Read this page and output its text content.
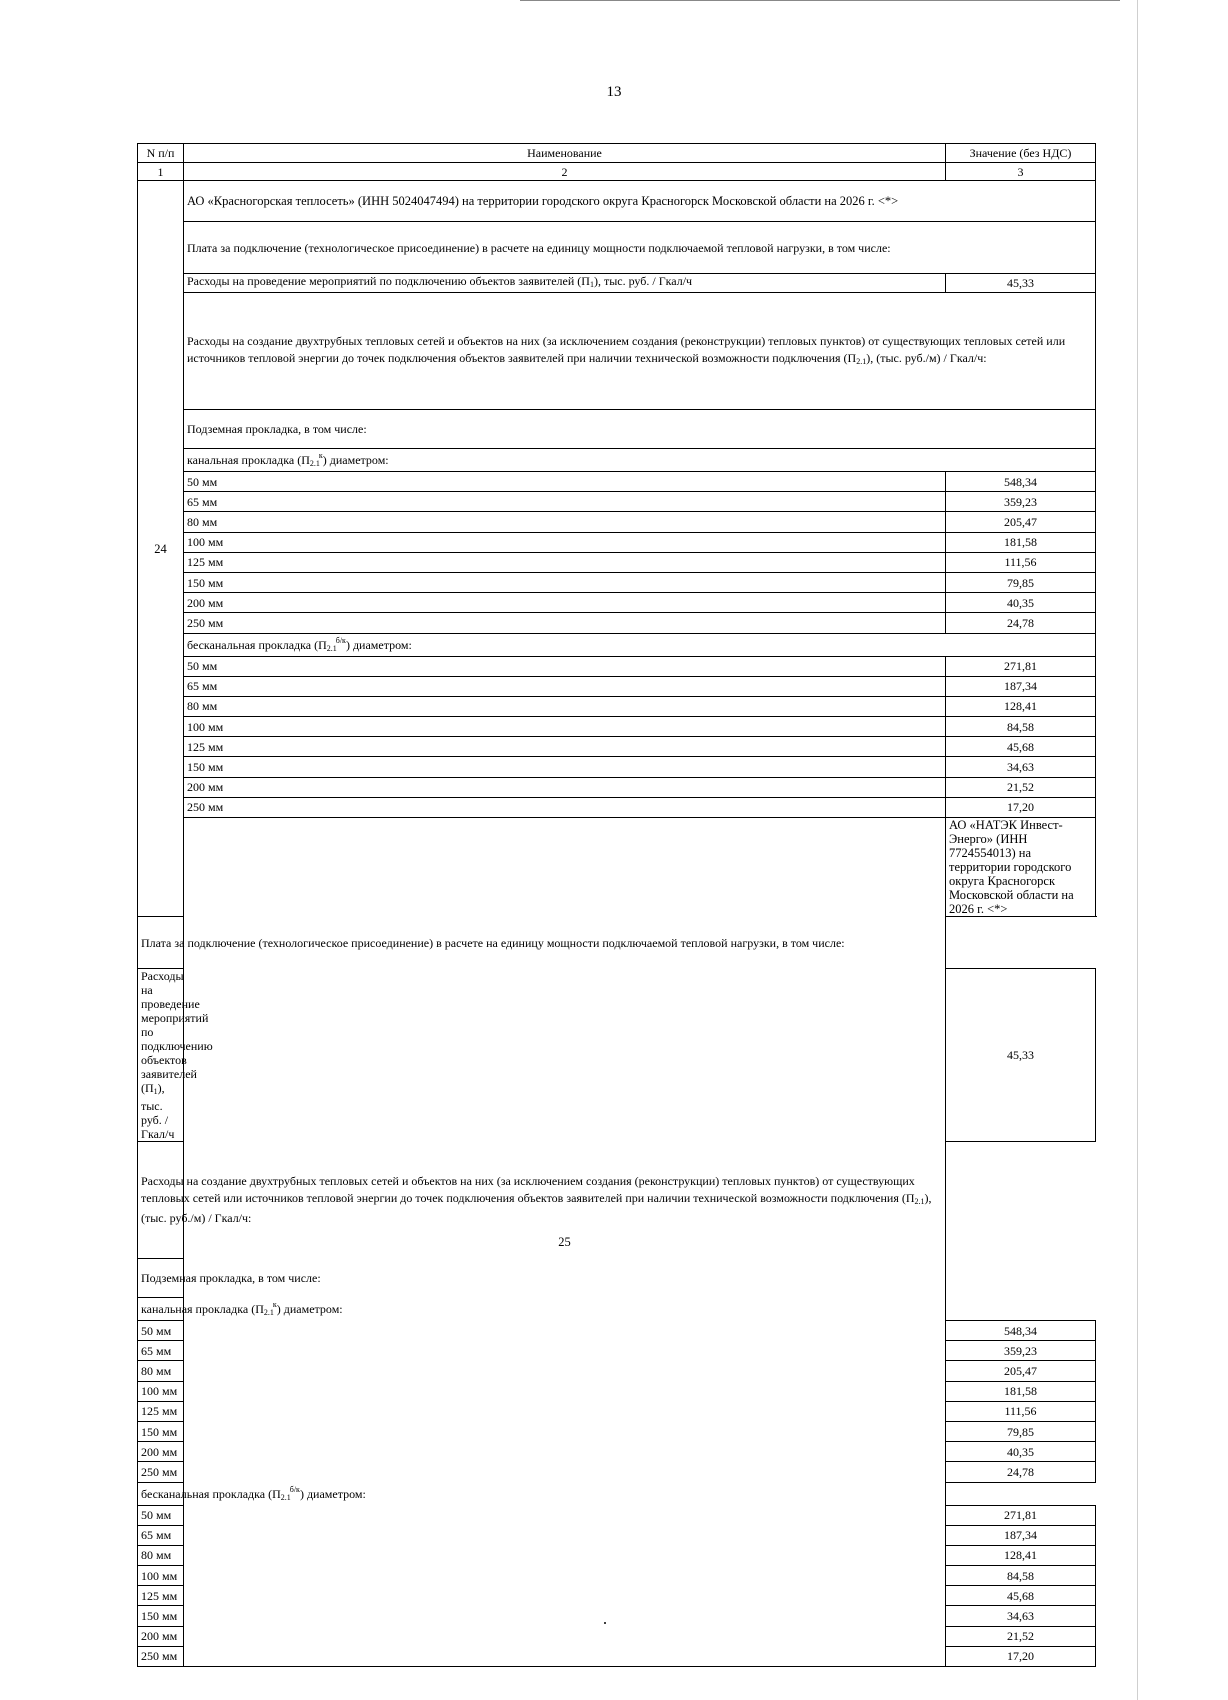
13
N п/п	Наименование	Значение (без НДС)
1	2	3
24	АО «Красногорская теплосеть» (ИНН 5024047494) на территории городского округа Красногорск Московской области на 2026 г. <*>	
	Плата за подключение (технологическое присоединение) в расчете на единицу мощности подключаемой тепловой нагрузки, в том числе:	
	Расходы на проведение мероприятий по подключению объектов заявителей $(П_1)$, тыс. руб. / Гкал/ч	45,33
	Расходы на создание двухтрубных тепловых сетей и объектов на них (за исключением создания (реконструкции) тепловых пунктов) от существующих тепловых сетей или источников тепловой энергии до точек подключения объектов заявителей при наличии технической возможности подключения $(П_{2.1})$, (тыс. руб./м) / Гкал/ч:	
	Подземная прокладка, в том числе:	
	канальная прокладка $(П_{2.1}^к)$ диаметром:	
	50 мм	548,34
	65 мм	359,23
	80 мм	205,47
	100 мм	181,58
	125 мм	111,56
	150 мм	79,85
	200 мм	40,35
	250 мм	24,78
	бесканальная прокладка $(П_{2.1}^{б/к})$ диаметром:	
	50 мм	271,81
	65 мм	187,34
	80 мм	128,41
	100 мм	84,58
	125 мм	45,68
	150 мм	34,63
	200 мм	21,52
	250 мм	17,20
	25	АО «НАТЭК Инвест-Энерго» (ИНН 7724554013) на территории городского округа Красногорск Московской области на 2026 г. <*>
Плата за подключение (технологическое присоединение) в расчете на единицу мощности подключаемой тепловой нагрузки, в том числе:		
Расходы на проведение мероприятий по подключению объектов заявителей $(П_1)$, тыс. руб. / Гкал/ч		45,33
Расходы на создание двухтрубных тепловых сетей и объектов на них (за исключением создания (реконструкции) тепловых пунктов) от существующих тепловых сетей или источников тепловой энергии до точек подключения объектов заявителей при наличии технической возможности подключения $(П_{2.1})$, (тыс. руб./м) / Гкал/ч:		
Подземная прокладка, в том числе:		
канальная прокладка $(П_{2.1}^к)$ диаметром:		
50 мм		548,34
65 мм		359,23
80 мм		205,47
100 мм		181,58
125 мм		111,56
150 мм		79,85
200 мм		40,35
250 мм		24,78
бесканальная прокладка $(П_{2.1}^{б/к})$ диаметром:		
50 мм		271,81
65 мм		187,34
80 мм		128,41
100 мм		84,58
125 мм		45,68
150 мм		34,63
200 мм		21,52
250 мм		17,20
